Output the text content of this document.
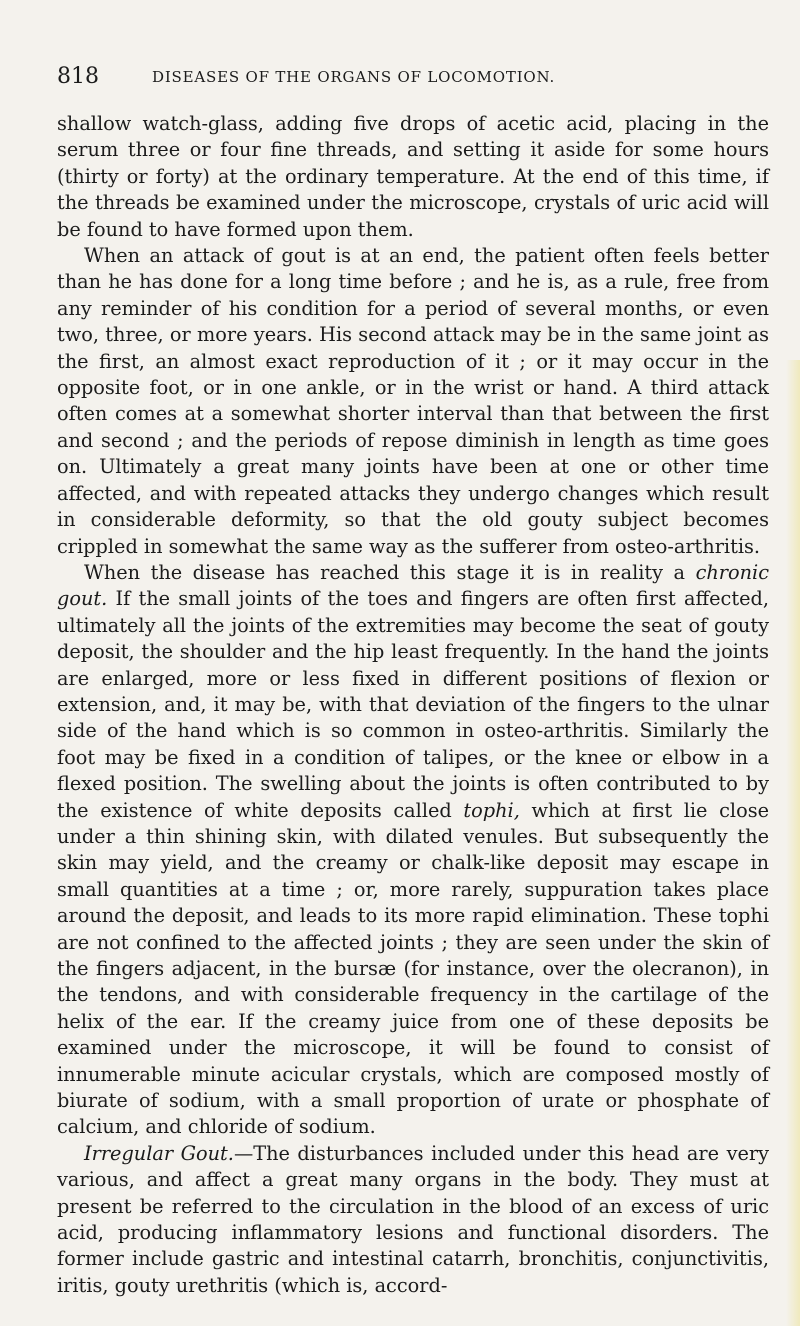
818	DISEASES OF THE ORGANS OF LOCOMOTION.

shallow watch-glass, adding five drops of acetic acid, placing in the serum three or four fine threads, and setting it aside for some hours (thirty or forty) at the ordinary temperature. At the end of this time, if the threads be examined under the microscope, crystals of uric acid will be found to have formed upon them.

When an attack of gout is at an end, the patient often feels better than he has done for a long time before ; and he is, as a rule, free from any reminder of his condition for a period of several months, or even two, three, or more years. His second attack may be in the same joint as the first, an almost exact reproduction of it ; or it may occur in the opposite foot, or in one ankle, or in the wrist or hand. A third attack often comes at a somewhat shorter interval than that between the first and second ; and the periods of repose diminish in length as time goes on. Ultimately a great many joints have been at one or other time affected, and with repeated attacks they undergo changes which result in considerable deformity, so that the old gouty subject becomes crippled in somewhat the same way as the sufferer from osteo-arthritis.

When the disease has reached this stage it is in reality a chronic gout. If the small joints of the toes and fingers are often first affected, ultimately all the joints of the extremities may become the seat of gouty deposit, the shoulder and the hip least frequently. In the hand the joints are enlarged, more or less fixed in different positions of flexion or extension, and, it may be, with that deviation of the fingers to the ulnar side of the hand which is so common in osteo-arthritis. Similarly the foot may be fixed in a condition of talipes, or the knee or elbow in a flexed position. The swelling about the joints is often contributed to by the existence of white deposits called tophi, which at first lie close under a thin shining skin, with dilated venules. But subsequently the skin may yield, and the creamy or chalk-like deposit may escape in small quantities at a time ; or, more rarely, suppuration takes place around the deposit, and leads to its more rapid elimination. These tophi are not confined to the affected joints ; they are seen under the skin of the fingers adjacent, in the bursæ (for instance, over the olecranon), in the tendons, and with considerable frequency in the cartilage of the helix of the ear. If the creamy juice from one of these deposits be examined under the microscope, it will be found to consist of innumerable minute acicular crystals, which are composed mostly of biurate of sodium, with a small proportion of urate or phosphate of calcium, and chloride of sodium.

Irregular Gout.—The disturbances included under this head are very various, and affect a great many organs in the body. They must at present be referred to the circulation in the blood of an excess of uric acid, producing inflammatory lesions and functional disorders. The former include gastric and intestinal catarrh, bronchitis, conjunctivitis, iritis, gouty urethritis (which is, accord-
